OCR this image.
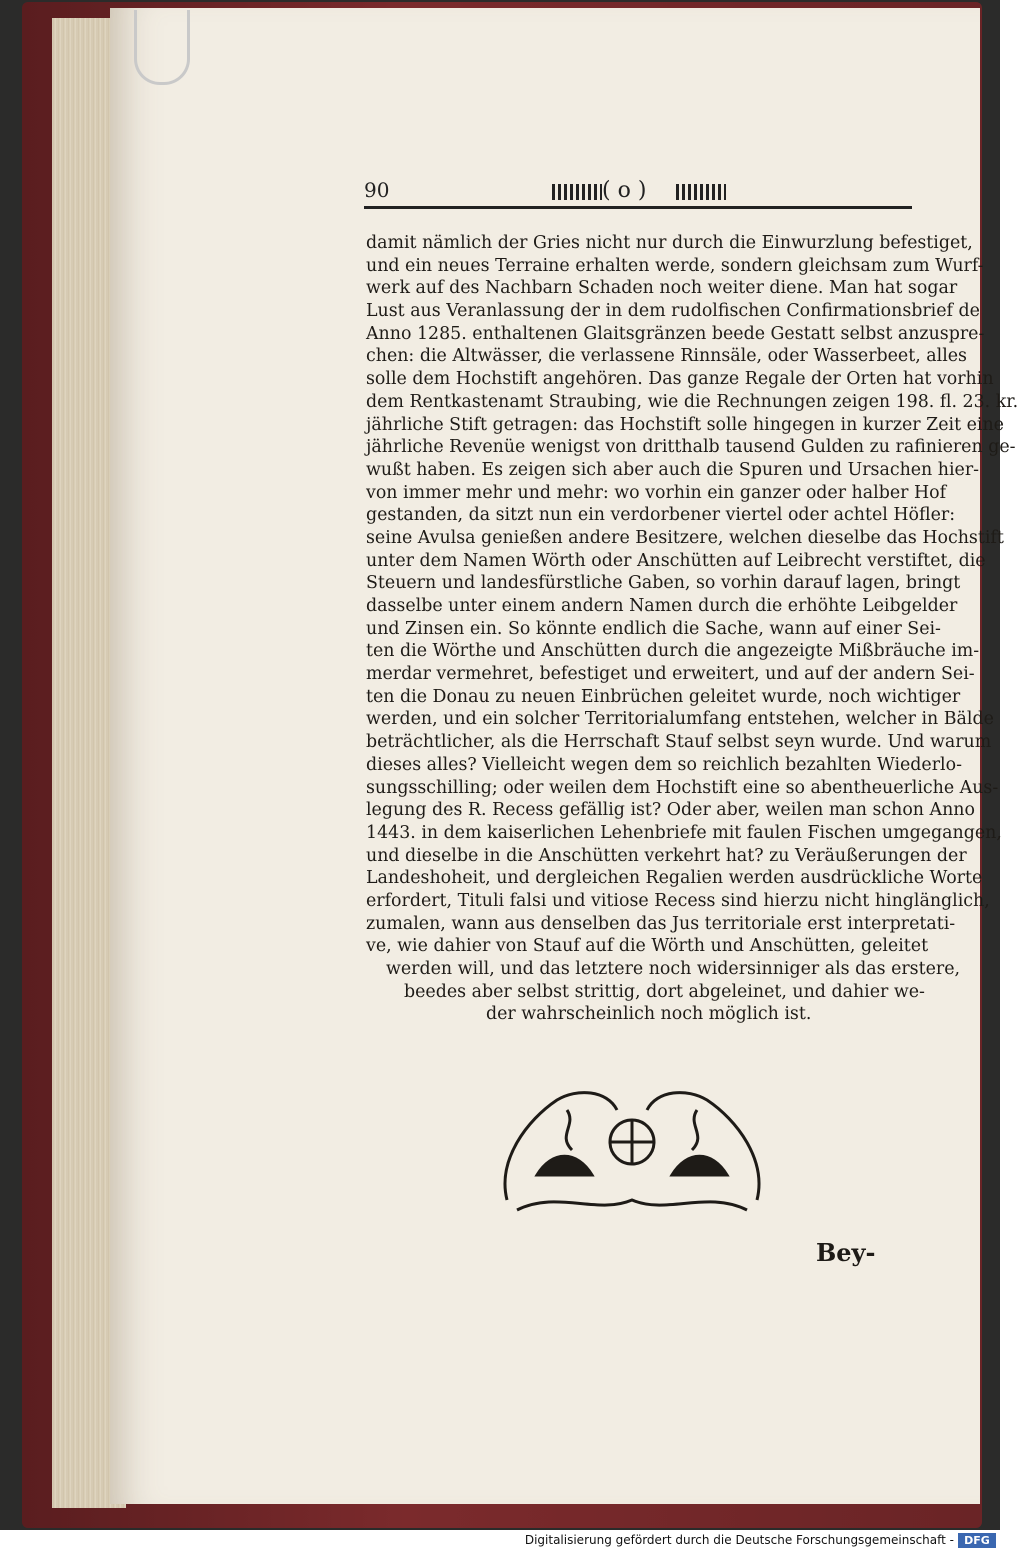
90	( o )
damit nämlich der Gries nicht nur durch die Einwurzlung befestiget,
und ein neues Terraine erhalten werde, sondern gleichsam zum Wurf-
werk auf des Nachbarn Schaden noch weiter diene. Man hat sogar
Lust aus Veranlassung der in dem rudolfischen Confirmationsbrief de
Anno 1285. enthaltenen Glaitsgränzen beede Gestatt selbst anzuspre-
chen: die Altwässer, die verlassene Rinnsäle, oder Wasserbeet, alles
solle dem Hochstift angehören. Das ganze Regale der Orten hat vorhin
dem Rentkastenamt Straubing, wie die Rechnungen zeigen 198. fl. 23. kr.
jährliche Stift getragen: das Hochstift solle hingegen in kurzer Zeit eine
jährliche Revenüe wenigst von dritthalb tausend Gulden zu rafinieren ge-
wußt haben. Es zeigen sich aber auch die Spuren und Ursachen hier-
von immer mehr und mehr: wo vorhin ein ganzer oder halber Hof
gestanden, da sitzt nun ein verdorbener viertel oder achtel Höfler:
seine Avulsa genießen andere Besitzere, welchen dieselbe das Hochstift
unter dem Namen Wörth oder Anschütten auf Leibrecht verstiftet, die
Steuern und landesfürstliche Gaben, so vorhin darauf lagen, bringt
dasselbe unter einem andern Namen durch die erhöhte Leibgelder
und Zinsen ein. So könnte endlich die Sache, wann auf einer Sei-
ten die Wörthe und Anschütten durch die angezeigte Mißbräuche im-
merdar vermehret, befestiget und erweitert, und auf der andern Sei-
ten die Donau zu neuen Einbrüchen geleitet wurde, noch wichtiger
werden, und ein solcher Territorialumfang entstehen, welcher in Bälde
beträchtlicher, als die Herrschaft Stauf selbst seyn wurde. Und warum
dieses alles? Vielleicht wegen dem so reichlich bezahlten Wiederlo-
sungsschilling; oder weilen dem Hochstift eine so abentheuerliche Aus-
legung des R. Recess gefällig ist? Oder aber, weilen man schon Anno
1443. in dem kaiserlichen Lehenbriefe mit faulen Fischen umgegangen,
und dieselbe in die Anschütten verkehrt hat? zu Veräußerungen der
Landeshoheit, und dergleichen Regalien werden ausdrückliche Worte
erfordert, Tituli falsi und vitiose Recess sind hierzu nicht hinglänglich,
zumalen, wann aus denselben das Jus territoriale erst interpretati-
ve, wie dahier von Stauf auf die Wörth und Anschütten, geleitet
werden will, und das letztere noch widersinniger als das erstere,
beedes aber selbst strittig, dort abgeleinet, und dahier we-
der wahrscheinlich noch möglich ist.
Bey-
Digitalisierung gefördert durch die Deutsche Forschungsgemeinschaft - DFG
